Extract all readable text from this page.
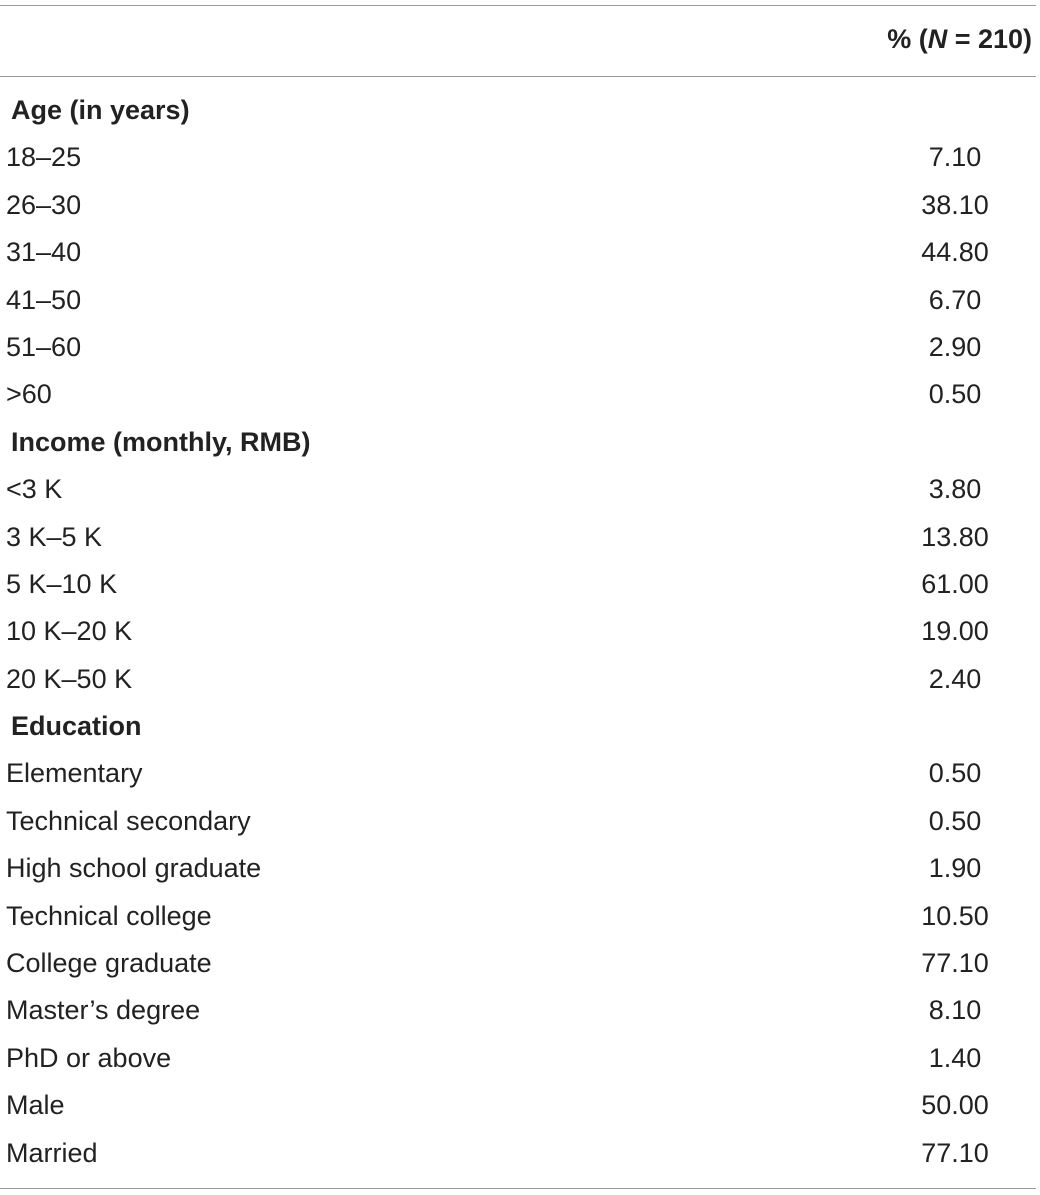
% (N = 210)
Age (in years)
18–25	7.10
26–30	38.10
31–40	44.80
41–50	6.70
51–60	2.90
>60	0.50
Income (monthly, RMB)
<3 K	3.80
3 K–5 K	13.80
5 K–10 K	61.00
10 K–20 K	19.00
20 K–50 K	2.40
Education
Elementary	0.50
Technical secondary	0.50
High school graduate	1.90
Technical college	10.50
College graduate	77.10
Master’s degree	8.10
PhD or above	1.40
Male	50.00
Married	77.10
